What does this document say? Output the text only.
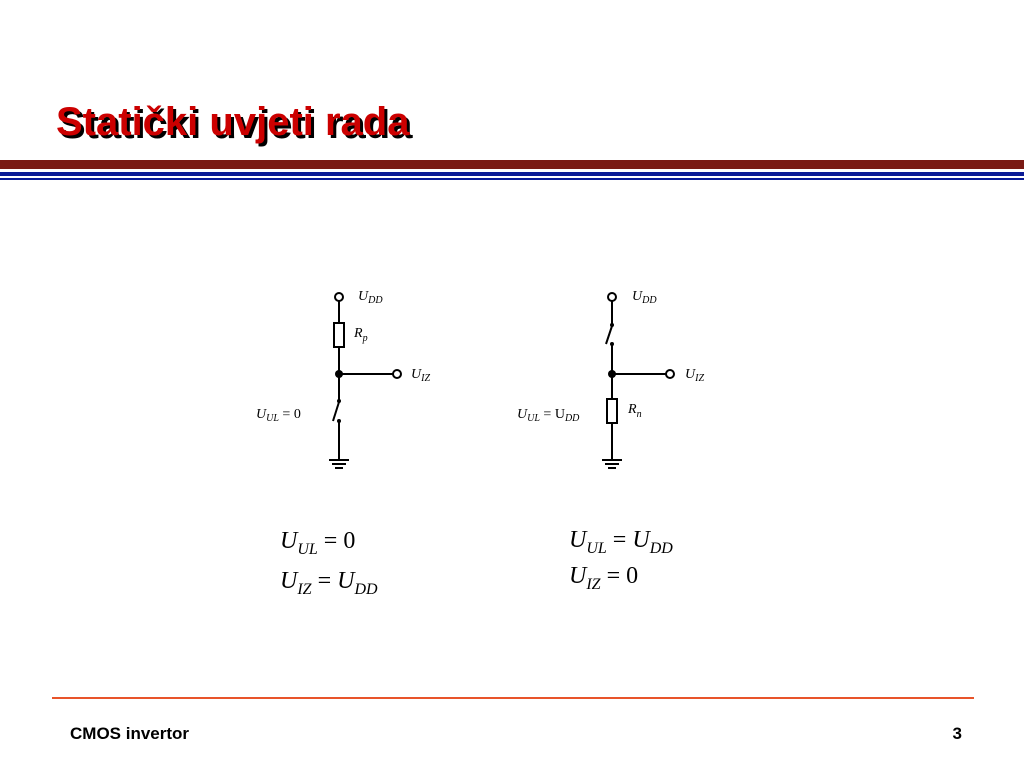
Statički uvjeti rada
$U_{DD}$
$R_p$
$U_{IZ}$
$U_{UL} = 0$
$U_{DD}$
$R_n$
$U_{IZ}$
$U_{UL} = U_{DD}$
$U_{UL} = 0$
$U_{IZ} = U_{DD}$
$U_{UL} = U_{DD}$
$U_{IZ} = 0$
CMOS invertor	3
